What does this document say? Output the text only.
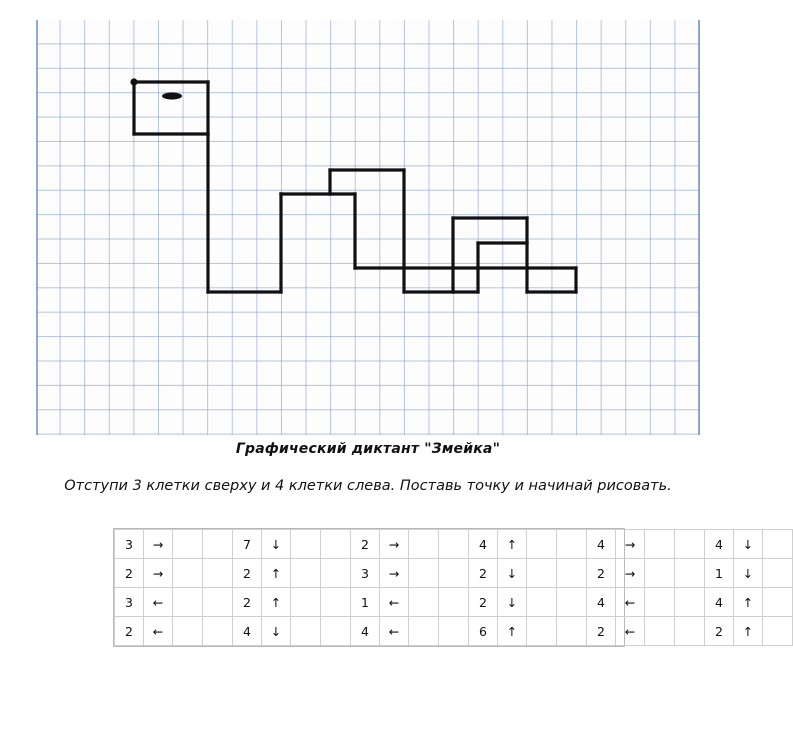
Графический диктант "Змейка"
Отступи 3 клетки сверху и 4 клетки слева. Поставь точку и начинай рисовать.
3	→			7	↓			2	→			4	↑			4	→			4	↓	
2	→			2	↑			3	→			2	↓			2	→			1	↓	
3	←			2	↑			1	←			2	↓			4	←			4	↑	
2	←			4	↓			4	←			6	↑			2	←			2	↑	
